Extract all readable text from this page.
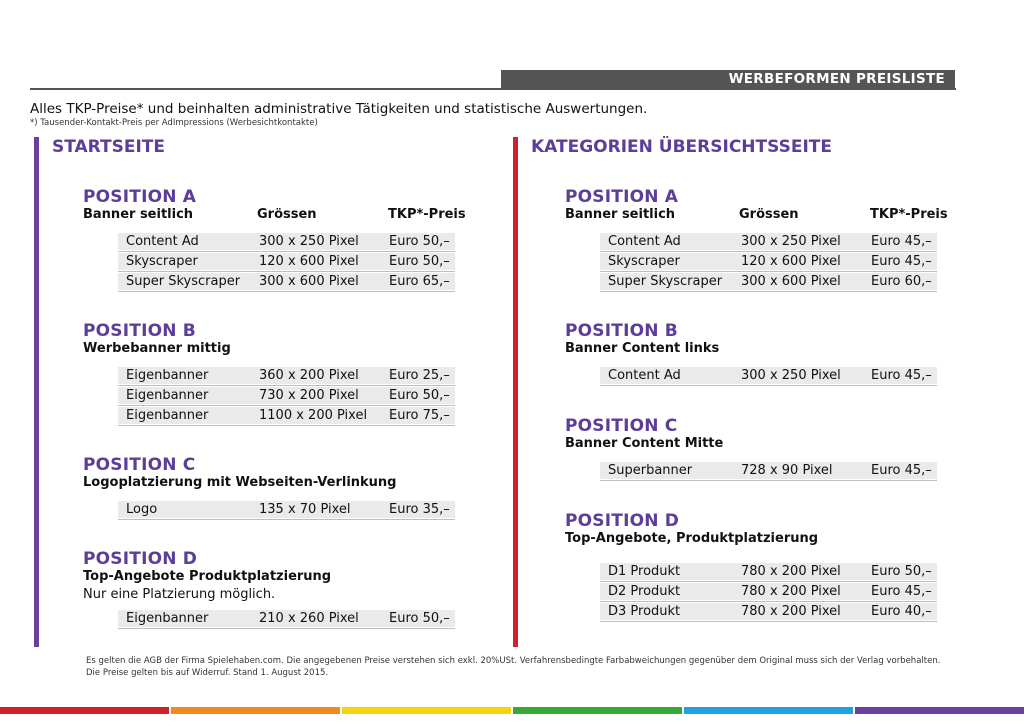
WERBEFORMEN PREISLISTE
Alles TKP-Preise* und beinhalten administrative Tätigkeiten und statistische Auswertungen.
*) Tausender-Kontakt-Preis per AdImpressions (Werbesichtkontakte)
STARTSEITE
POSITION A
Banner seitlich	Grössen	TKP*-Preis
Content Ad	300 x 250 Pixel	Euro 50,–
Skyscraper	120 x 600 Pixel	Euro 50,–
Super Skyscraper	300 x 600 Pixel	Euro 65,–
POSITION B
Werbebanner mittig
Eigenbanner	360 x 200 Pixel	Euro 25,–
Eigenbanner	730 x 200 Pixel	Euro 50,–
Eigenbanner	1100 x 200 Pixel	Euro 75,–
POSITION C
Logoplatzierung mit Webseiten-Verlinkung
Logo	135 x 70 Pixel	Euro 35,–
POSITION D
Top-Angebote Produktplatzierung
Nur eine Platzierung möglich.
Eigenbanner	210 x 260 Pixel	Euro 50,–
KATEGORIEN ÜBERSICHTSSEITE
POSITION A
Banner seitlich	Grössen	TKP*-Preis
Content Ad	300 x 250 Pixel	Euro 45,–
Skyscraper	120 x 600 Pixel	Euro 45,–
Super Skyscraper	300 x 600 Pixel	Euro 60,–
POSITION B
Banner Content links
Content Ad	300 x 250 Pixel	Euro 45,–
POSITION C
Banner Content Mitte
Superbanner	728 x 90 Pixel	Euro 45,–
POSITION D
Top-Angebote, Produktplatzierung
D1 Produkt	780 x 200 Pixel	Euro 50,–
D2 Produkt	780 x 200 Pixel	Euro 45,–
D3 Produkt	780 x 200 Pixel	Euro 40,–
Es gelten die AGB der Firma Spielehaben.com. Die angegebenen Preise verstehen sich exkl. 20%USt. Verfahrensbedingte Farbabweichungen gegenüber dem Original muss sich der Verlag vorbehalten.
Die Preise gelten bis auf Widerruf. Stand 1. August 2015.
